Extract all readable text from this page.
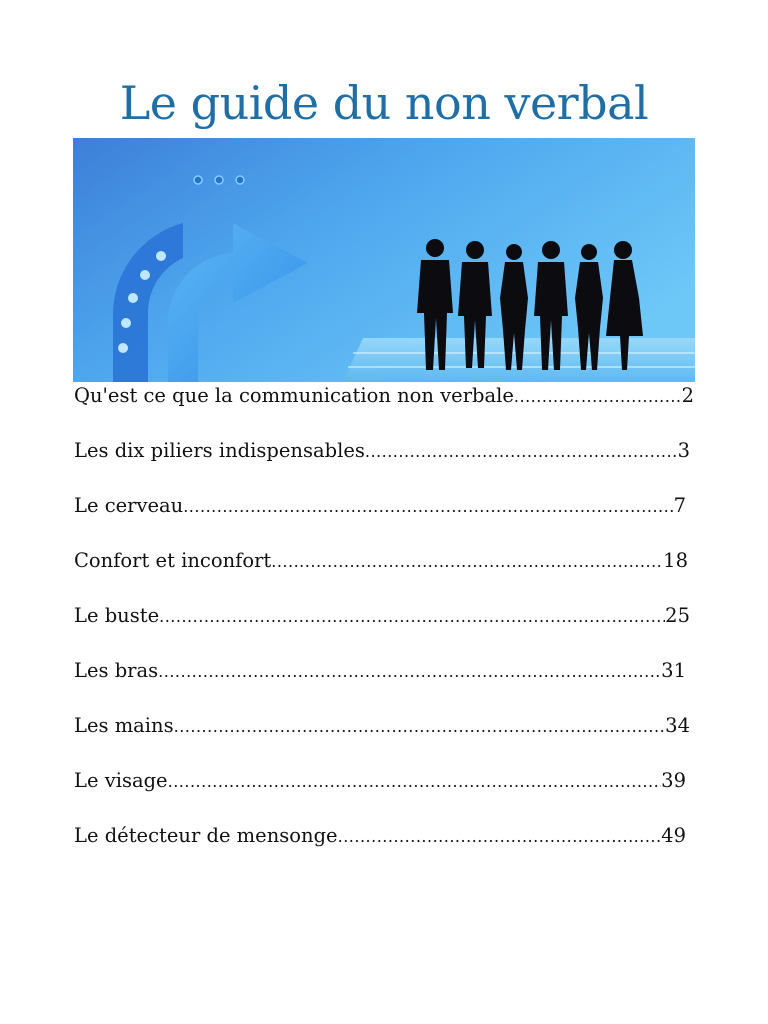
Le guide du non verbal
Qu'est ce que la communication non verbale .....	2
Les dix piliers indispensables .....	3
Le cerveau .....	7
Confort et inconfort .....	18
Le buste .....	25
Les bras .....	31
Les mains .....	34
Le visage .....	39
Le détecteur de mensonge .....	49
